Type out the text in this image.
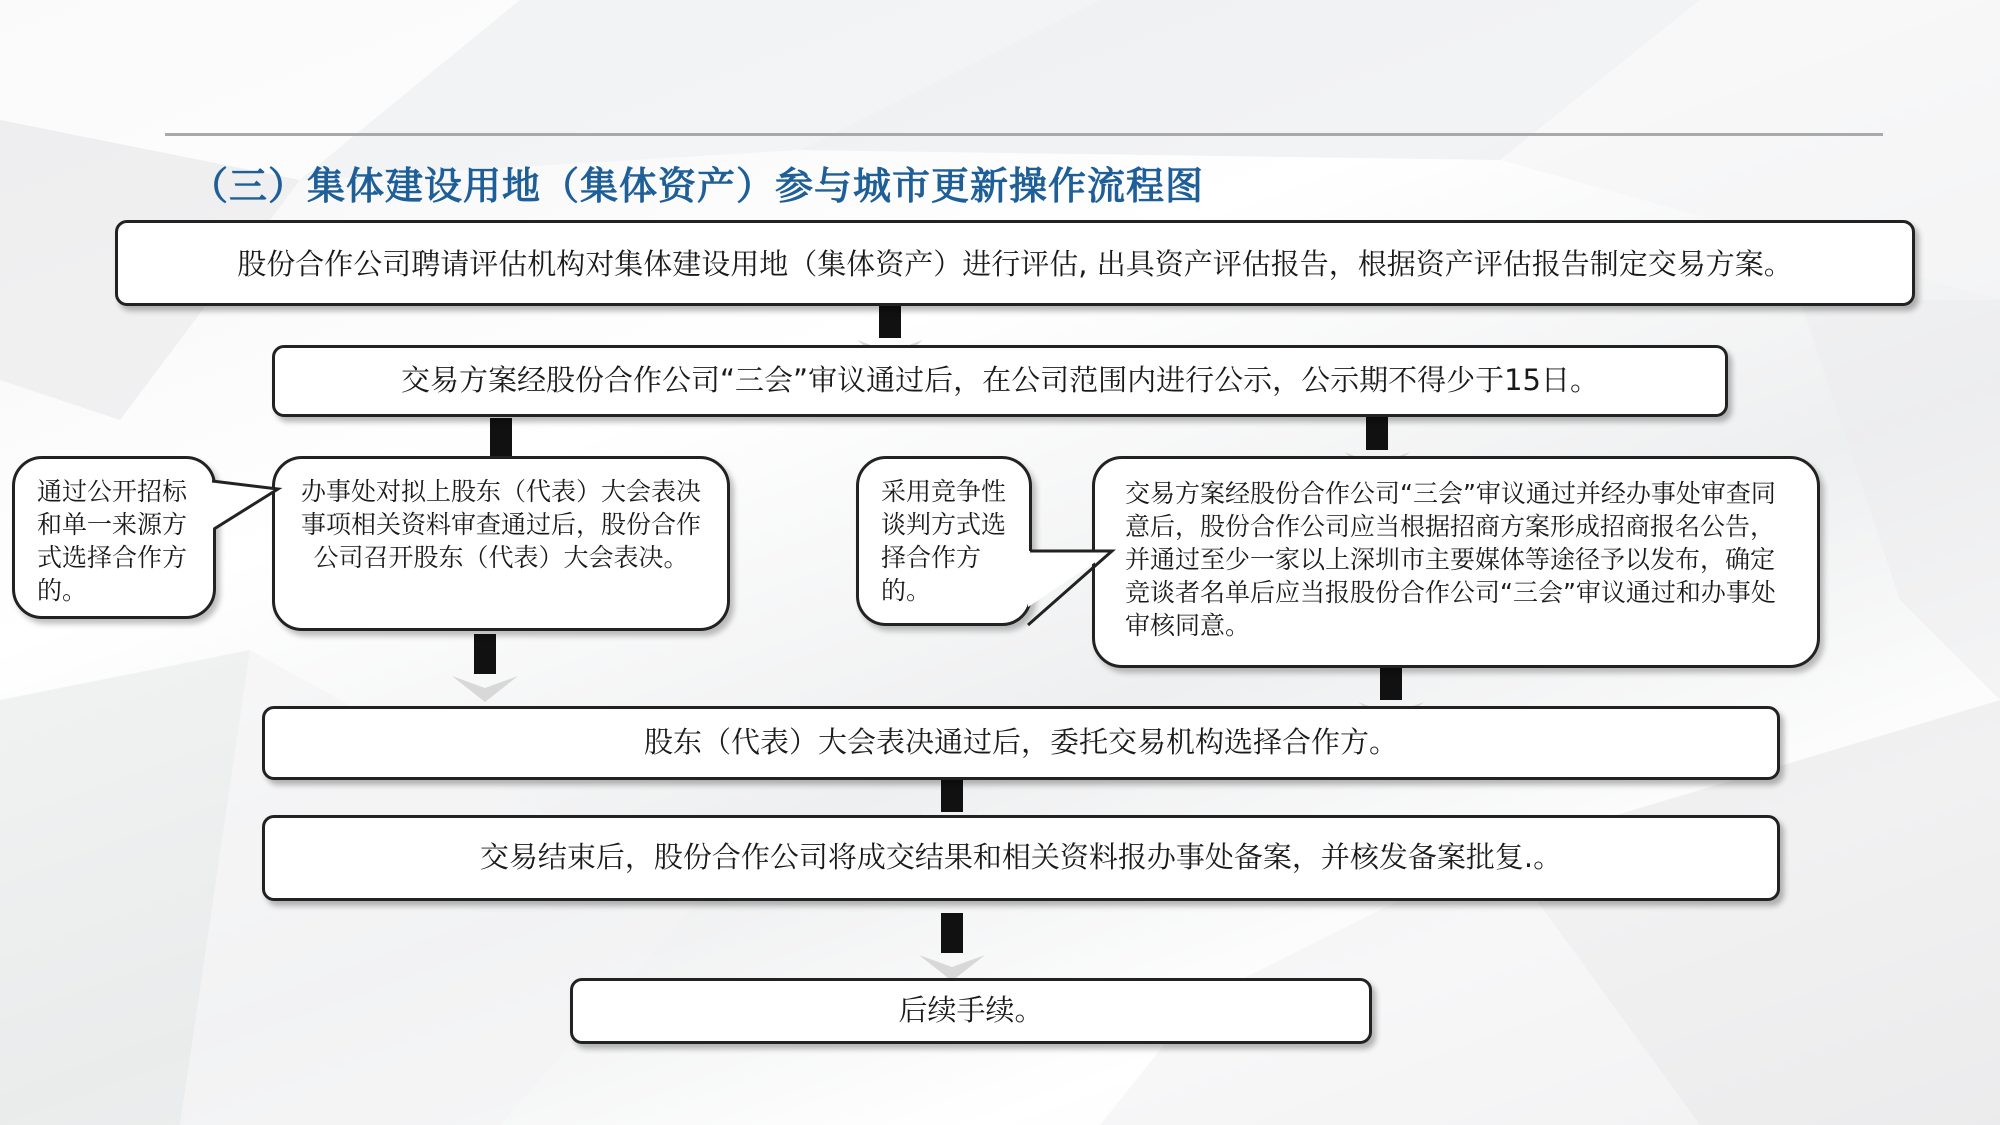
（三）集体建设用地（集体资产）参与城市更新操作流程图
股份合作公司聘请评估机构对集体建设用地（集体资产）进行评估, 出具资产评估报告，根据资产评估报告制定交易方案。
交易方案经股份合作公司“三会”审议通过后，在公司范围内进行公示，公示期不得少于15日。
通过公开招标和单一来源方式选择合作方的。
办事处对拟上股东（代表）大会表决事项相关资料审查通过后，股份合作公司召开股东（代表）大会表决。
采用竞争性谈判方式选择合作方的。
交易方案经股份合作公司“三会”审议通过并经办事处审查同意后，股份合作公司应当根据招商方案形成招商报名公告，并通过至少一家以上深圳市主要媒体等途径予以发布，确定竞谈者名单后应当报股份合作公司“三会”审议通过和办事处审核同意。
股东（代表）大会表决通过后，委托交易机构选择合作方。
交易结束后，股份合作公司将成交结果和相关资料报办事处备案，并核发备案批复.。
后续手续。
